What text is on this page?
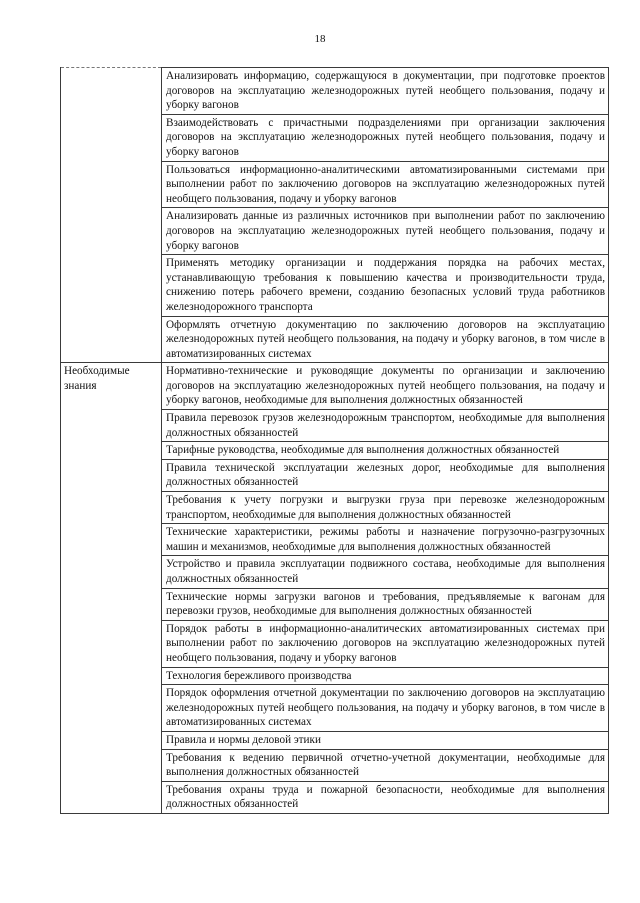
18
	Анализировать информацию, содержащуюся в документации, при подготовке проектов договоров на эксплуатацию железнодорожных путей необщего пользования, подачу и уборку вагонов
	Взаимодействовать с причастными подразделениями при организации заключения договоров на эксплуатацию железнодорожных путей необщего пользования, подачу и уборку вагонов
	Пользоваться информационно-аналитическими автоматизированными системами при выполнении работ по заключению договоров на эксплуатацию железнодорожных путей необщего пользования, подачу и уборку вагонов
	Анализировать данные из различных источников при выполнении работ по заключению договоров на эксплуатацию железнодорожных путей необщего пользования, подачу и уборку вагонов
	Применять методику организации и поддержания порядка на рабочих местах, устанавливающую требования к повышению качества и производительности труда, снижению потерь рабочего времени, созданию безопасных условий труда работников железнодорожного транспорта
	Оформлять отчетную документацию по заключению договоров на эксплуатацию железнодорожных путей необщего пользования, на подачу и уборку вагонов, в том числе в автоматизированных системах
Необходимые знания	Нормативно-технические и руководящие документы по организации и заключению договоров на эксплуатацию железнодорожных путей необщего пользования, на подачу и уборку вагонов, необходимые для выполнения должностных обязанностей
	Правила перевозок грузов железнодорожным транспортом, необходимые для выполнения должностных обязанностей
	Тарифные руководства, необходимые для выполнения должностных обязанностей
	Правила технической эксплуатации железных дорог, необходимые для выполнения должностных обязанностей
	Требования к учету погрузки и выгрузки груза при перевозке железнодорожным транспортом, необходимые для выполнения должностных обязанностей
	Технические характеристики, режимы работы и назначение погрузочно-разгрузочных машин и механизмов, необходимые для выполнения должностных обязанностей
	Устройство и правила эксплуатации подвижного состава, необходимые для выполнения должностных обязанностей
	Технические нормы загрузки вагонов и требования, предъявляемые к вагонам для перевозки грузов, необходимые для выполнения должностных обязанностей
	Порядок работы в информационно-аналитических автоматизированных системах при выполнении работ по заключению договоров на эксплуатацию железнодорожных путей необщего пользования, подачу и уборку вагонов
	Технология бережливого производства
	Порядок оформления отчетной документации по заключению договоров на эксплуатацию железнодорожных путей необщего пользования, на подачу и уборку вагонов, в том числе в автоматизированных системах
	Правила и нормы деловой этики
	Требования к ведению первичной отчетно-учетной документации, необходимые для выполнения должностных обязанностей
	Требования охраны труда и пожарной безопасности, необходимые для выполнения должностных обязанностей
